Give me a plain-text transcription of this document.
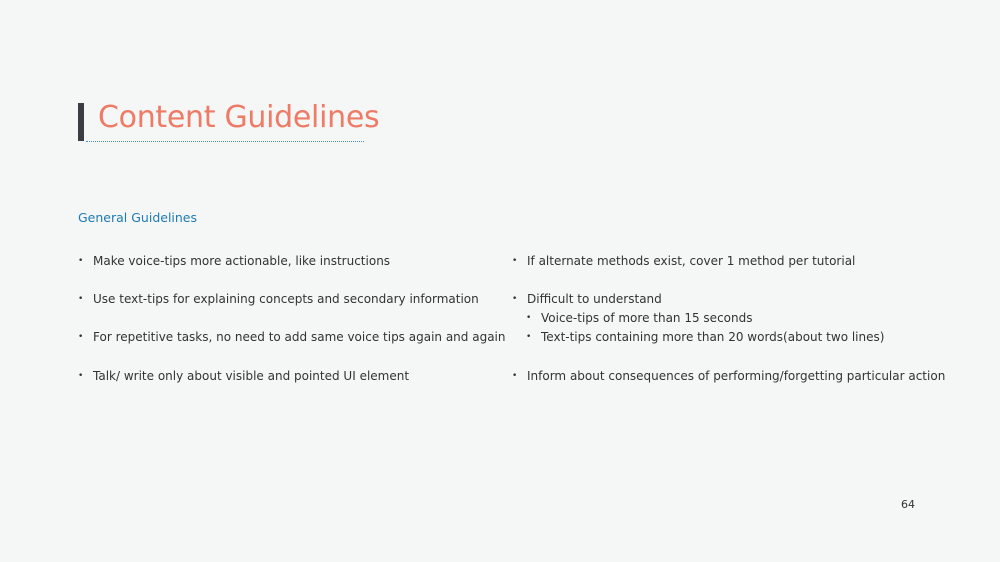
Content Guidelines
General Guidelines
• Make voice-tips more actionable, like instructions
• Use text-tips for explaining concepts and secondary information
• For repetitive tasks, no need to add same voice tips again and again
• Talk/ write only about visible and pointed UI element
• If alternate methods exist, cover 1 method per tutorial
• Difficult to understand
• Voice-tips of more than 15 seconds
• Text-tips containing more than 20 words(about two lines)
• Inform about consequences of performing/forgetting particular action
64
